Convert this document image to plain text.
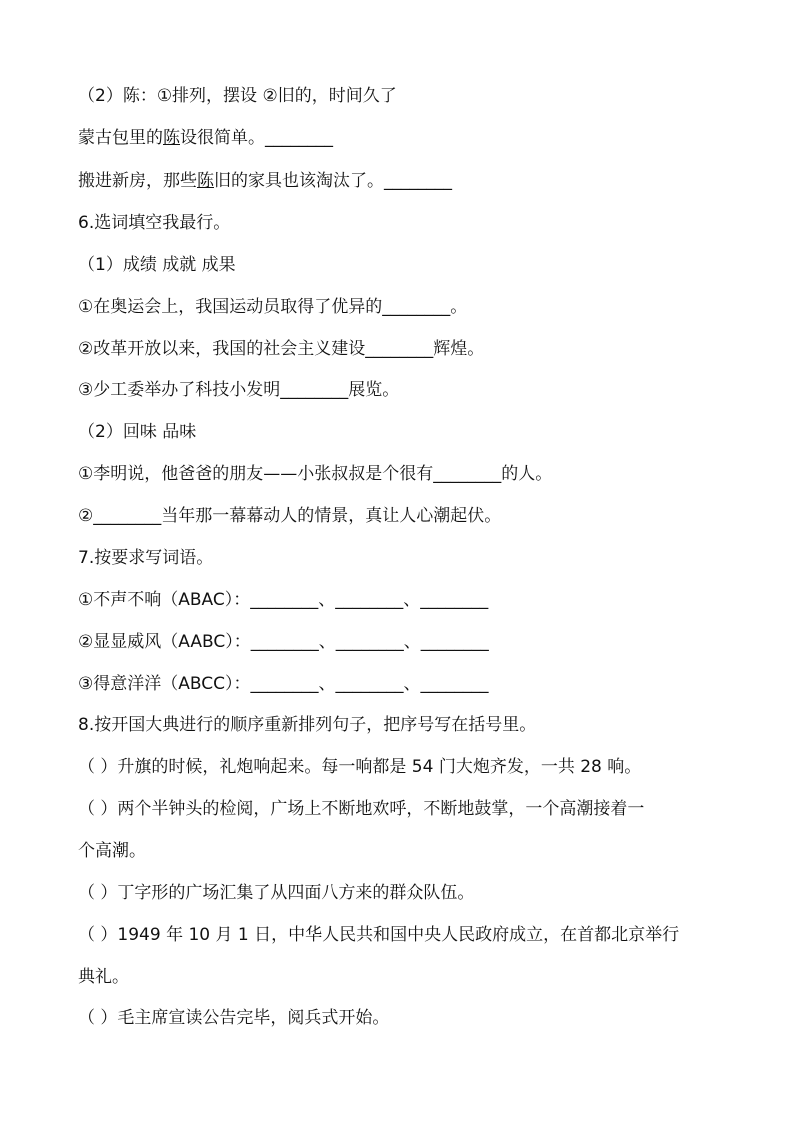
（2）陈：①排列，摆设 ②旧的，时间久了
蒙古包里的陈设很简单。________
搬进新房，那些陈旧的家具也该淘汰了。________
6.选词填空我最行。
（1）成绩 成就 成果
①在奥运会上，我国运动员取得了优异的________。
②改革开放以来，我国的社会主义建设________辉煌。
③少工委举办了科技小发明________展览。
（2）回味 品味
①李明说，他爸爸的朋友——小张叔叔是个很有________的人。
②________当年那一幕幕动人的情景，真让人心潮起伏。
7.按要求写词语。
①不声不响（ABAC）：________、________、________
②显显威风（AABC）：________、________、________
③得意洋洋（ABCC）：________、________、________
8.按开国大典进行的顺序重新排列句子，把序号写在括号里。
（ ）升旗的时候，礼炮响起来。每一响都是 54 门大炮齐发，一共 28 响。
（ ）两个半钟头的检阅，广场上不断地欢呼，不断地鼓掌，一个高潮接着一
个高潮。
（ ）丁字形的广场汇集了从四面八方来的群众队伍。
（ ）1949 年 10 月 1 日，中华人民共和国中央人民政府成立，在首都北京举行
典礼。
（ ）毛主席宣读公告完毕，阅兵式开始。
